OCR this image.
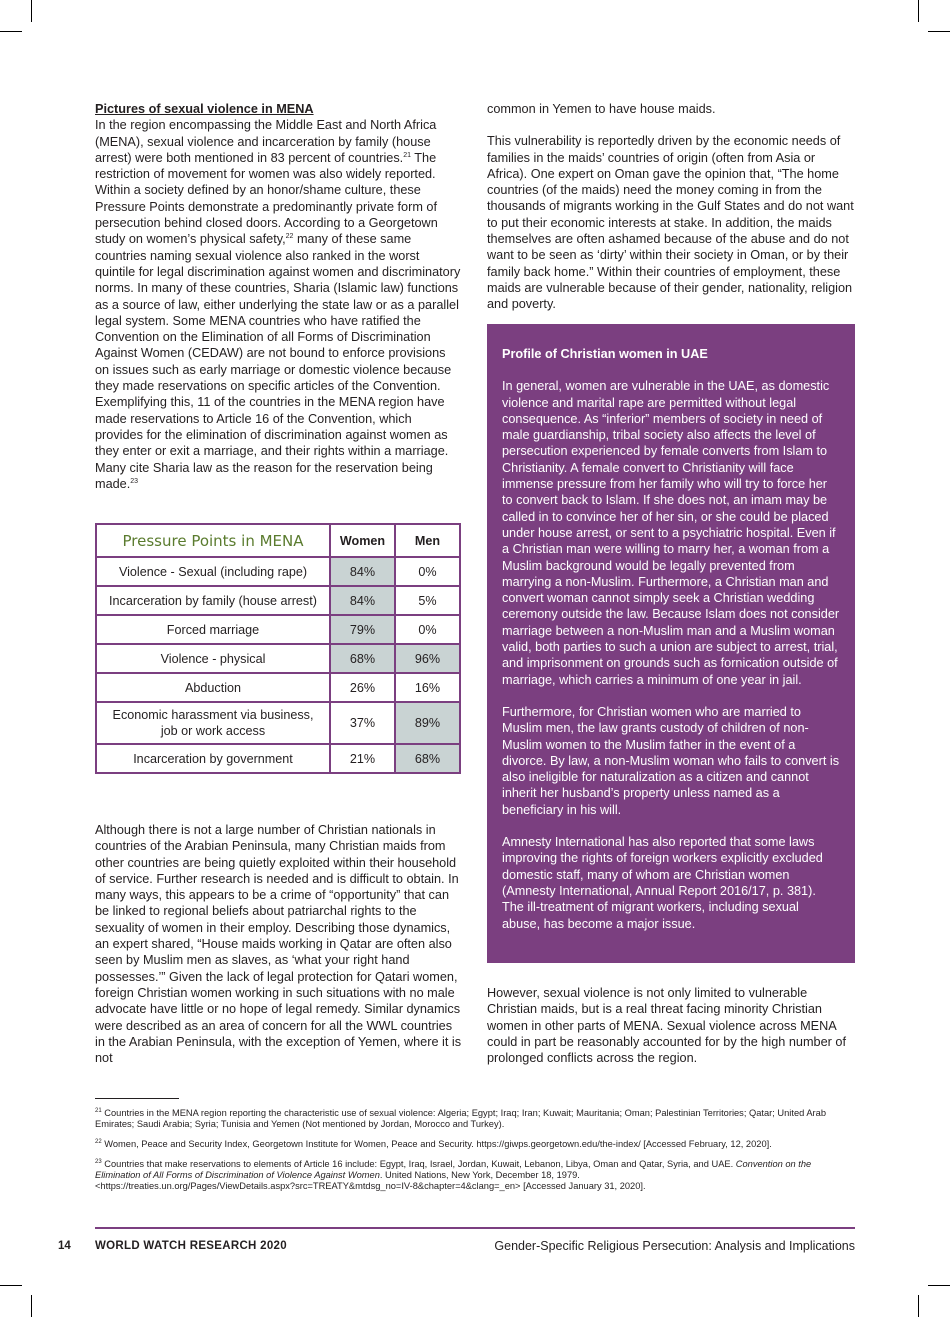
Pictures of sexual violence in MENA

In the region encompassing the Middle East and North Africa (MENA), sexual violence and incarceration by family (house arrest) were both mentioned in 83 percent of countries.$^{21}$ The restriction of movement for women was also widely reported. Within a society defined by an honor/shame culture, these Pressure Points demonstrate a predominantly private form of persecution behind closed doors. According to a Georgetown study on women’s physical safety,$^{22}$ many of these same countries naming sexual violence also ranked in the worst quintile for legal discrimination against women and discriminatory norms. In many of these countries, Sharia (Islamic law) functions as a source of law, either underlying the state law or as a parallel legal system. Some MENA countries who have ratified the Convention on the Elimination of all Forms of Discrimination Against Women (CEDAW) are not bound to enforce provisions on issues such as early marriage or domestic violence because they made reservations on specific articles of the Convention. Exemplifying this, 11 of the countries in the MENA region have made reservations to Article 16 of the Convention, which provides for the elimination of discrimination against women as they enter or exit a marriage, and their rights within a marriage. Many cite Sharia law as the reason for the reservation being made.$^{23}$

Pressure Points in MENA	Women	Men
Violence - Sexual (including rape)	84%	0%
Incarceration by family (house arrest)	84%	5%
Forced marriage	79%	0%
Violence - physical	68%	96%
Abduction	26%	16%
Economic harassment via business, job or work access	37%	89%
Incarceration by government	21%	68%

Although there is not a large number of Christian nationals in countries of the Arabian Peninsula, many Christian maids from other countries are being quietly exploited within their household of service. Further research is needed and is difficult to obtain. In many ways, this appears to be a crime of “opportunity” that can be linked to regional beliefs about patriarchal rights to the sexuality of women in their employ. Describing those dynamics, an expert shared, “House maids working in Qatar are often also seen by Muslim men as slaves, as ‘what your right hand possesses.’” Given the lack of legal protection for Qatari women, foreign Christian women working in such situations with no male advocate have little or no hope of legal remedy. Similar dynamics were described as an area of concern for all the WWL countries in the Arabian Peninsula, with the exception of Yemen, where it is not

common in Yemen to have house maids.

This vulnerability is reportedly driven by the economic needs of families in the maids’ countries of origin (often from Asia or Africa). One expert on Oman gave the opinion that, “The home countries (of the maids) need the money coming in from the thousands of migrants working in the Gulf States and do not want to put their economic interests at stake. In addition, the maids themselves are often ashamed because of the abuse and do not want to be seen as ‘dirty’ within their society in Oman, or by their family back home.” Within their countries of employment, these maids are vulnerable because of their gender, nationality, religion and poverty.

Profile of Christian women in UAE

In general, women are vulnerable in the UAE, as domestic violence and marital rape are permitted without legal consequence. As “inferior” members of society in need of male guardianship, tribal society also affects the level of persecution experienced by female converts from Islam to Christianity. A female convert to Christianity will face immense pressure from her family who will try to force her to convert back to Islam. If she does not, an imam may be called in to convince her of her sin, or she could be placed under house arrest, or sent to a psychiatric hospital. Even if a Christian man were willing to marry her, a woman from a Muslim background would be legally prevented from marrying a non-Muslim. Furthermore, a Christian man and convert woman cannot simply seek a Christian wedding ceremony outside the law. Because Islam does not consider marriage between a non-Muslim man and a Muslim woman valid, both parties to such a union are subject to arrest, trial, and imprisonment on grounds such as fornication outside of marriage, which carries a minimum of one year in jail.

Furthermore, for Christian women who are married to Muslim men, the law grants custody of children of non-Muslim women to the Muslim father in the event of a divorce. By law, a non-Muslim woman who fails to convert is also ineligible for naturalization as a citizen and cannot inherit her husband’s property unless named as a beneficiary in his will.

Amnesty International has also reported that some laws improving the rights of foreign workers explicitly excluded domestic staff, many of whom are Christian women (Amnesty International, Annual Report 2016/17, p. 381). The ill-treatment of migrant workers, including sexual abuse, has become a major issue.

However, sexual violence is not only limited to vulnerable Christian maids, but is a real threat facing minority Christian women in other parts of MENA. Sexual violence across MENA could in part be reasonably accounted for by the high number of prolonged conflicts across the region.

$^{21}$ Countries in the MENA region reporting the characteristic use of sexual violence: Algeria; Egypt; Iraq; Iran; Kuwait; Mauritania; Oman; Palestinian Territories; Qatar; United Arab Emirates; Saudi Arabia; Syria; Tunisia and Yemen (Not mentioned by Jordan, Morocco and Turkey).

$^{22}$ Women, Peace and Security Index, Georgetown Institute for Women, Peace and Security. https://giwps.georgetown.edu/the-index/ [Accessed February, 12, 2020].

$^{23}$ Countries that make reservations to elements of Article 16 include: Egypt, Iraq, Israel, Jordan, Kuwait, Lebanon, Libya, Oman and Qatar, Syria, and UAE. Convention on the Elimination of All Forms of Discrimination of Violence Against Women. United Nations, New York, December 18, 1979.
<https://treaties.un.org/Pages/ViewDetails.aspx?src=TREATY&mtdsg_no=IV-8&chapter=4&clang=_en> [Accessed January 31, 2020].

14 WORLD WATCH RESEARCH 2020	Gender-Specific Religious Persecution: Analysis and Implications
